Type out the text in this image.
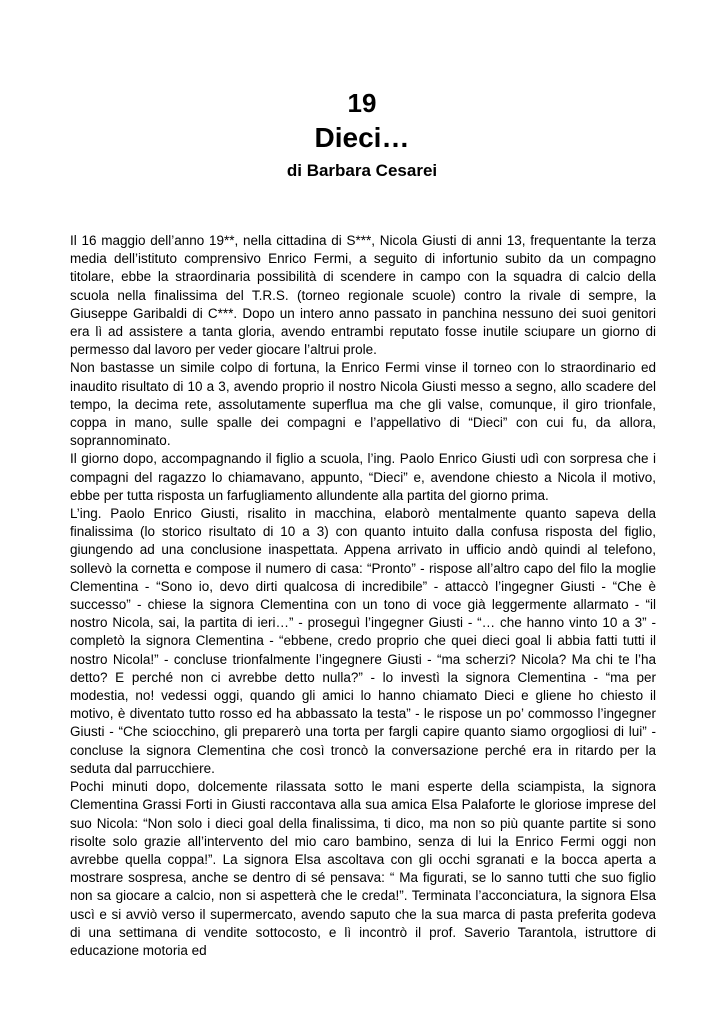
19
Dieci…
di Barbara Cesarei

Il 16 maggio dell’anno 19**, nella cittadina di S***, Nicola Giusti di anni 13, frequentante la terza media dell’istituto comprensivo Enrico Fermi, a seguito di infortunio subito da un compagno titolare, ebbe la straordinaria possibilità di scendere in campo con la squadra di calcio della scuola nella finalissima del T.R.S. (torneo regionale scuole) contro la rivale di sempre, la Giuseppe Garibaldi di C***. Dopo un intero anno passato in panchina nessuno dei suoi genitori era lì ad assistere a tanta gloria, avendo entrambi reputato fosse inutile sciupare un giorno di permesso dal lavoro per veder giocare l’altrui prole.

Non bastasse un simile colpo di fortuna, la Enrico Fermi vinse il torneo con lo straordinario ed inaudito risultato di 10 a 3, avendo proprio il nostro Nicola Giusti messo a segno, allo scadere del tempo, la decima rete, assolutamente superflua ma che gli valse, comunque, il giro trionfale, coppa in mano, sulle spalle dei compagni e l’appellativo di “Dieci” con cui fu, da allora, soprannominato.

Il giorno dopo, accompagnando il figlio a scuola, l’ing. Paolo Enrico Giusti udì con sorpresa che i compagni del ragazzo lo chiamavano, appunto, “Dieci” e, avendone chiesto a Nicola il motivo, ebbe per tutta risposta un farfugliamento allundente alla partita del giorno prima.

L’ing. Paolo Enrico Giusti, risalito in macchina, elaborò mentalmente quanto sapeva della finalissima (lo storico risultato di 10 a 3) con quanto intuito dalla confusa risposta del figlio, giungendo ad una conclusione inaspettata. Appena arrivato in ufficio andò quindi al telefono, sollevò la cornetta e compose il numero di casa: “Pronto” - rispose all’altro capo del filo la moglie Clementina - “Sono io, devo dirti qualcosa di incredibile” - attaccò l’ingegner Giusti - “Che è successo” - chiese la signora Clementina con un tono di voce già leggermente allarmato - “il nostro Nicola, sai, la partita di ieri…” - proseguì l’ingegner Giusti - “… che hanno vinto 10 a 3” - completò la signora Clementina - “ebbene, credo proprio che quei dieci goal li abbia fatti tutti il nostro Nicola!” - concluse trionfalmente l’ingegnere Giusti - “ma scherzi? Nicola? Ma chi te l’ha detto? E perché non ci avrebbe detto nulla?” - lo investì la signora Clementina - “ma per modestia, no! vedessi oggi, quando gli amici lo hanno chiamato Dieci e gliene ho chiesto il motivo, è diventato tutto rosso ed ha abbassato la testa” - le rispose un po’ commosso l’ingegner Giusti - “Che sciocchino, gli preparerò una torta per fargli capire quanto siamo orgogliosi di lui” - concluse la signora Clementina che così troncò la conversazione perché era in ritardo per la seduta dal parrucchiere.

Pochi minuti dopo, dolcemente rilassata sotto le mani esperte della sciampista, la signora Clementina Grassi Forti in Giusti raccontava alla sua amica Elsa Palaforte le gloriose imprese del suo Nicola: “Non solo i dieci goal della finalissima, ti dico, ma non so più quante partite si sono risolte solo grazie all’intervento del mio caro bambino, senza di lui la Enrico Fermi oggi non avrebbe quella coppa!”. La signora Elsa ascoltava con gli occhi sgranati e la bocca aperta a mostrare sospresa, anche se dentro di sé pensava: “ Ma figurati, se lo sanno tutti che suo figlio non sa giocare a calcio, non si aspetterà che le creda!”. Terminata l’acconciatura, la signora Elsa uscì e si avviò verso il supermercato, avendo saputo che la sua marca di pasta preferita godeva di una settimana di vendite sottocosto, e lì incontrò il prof. Saverio Tarantola, istruttore di educazione motoria ed
